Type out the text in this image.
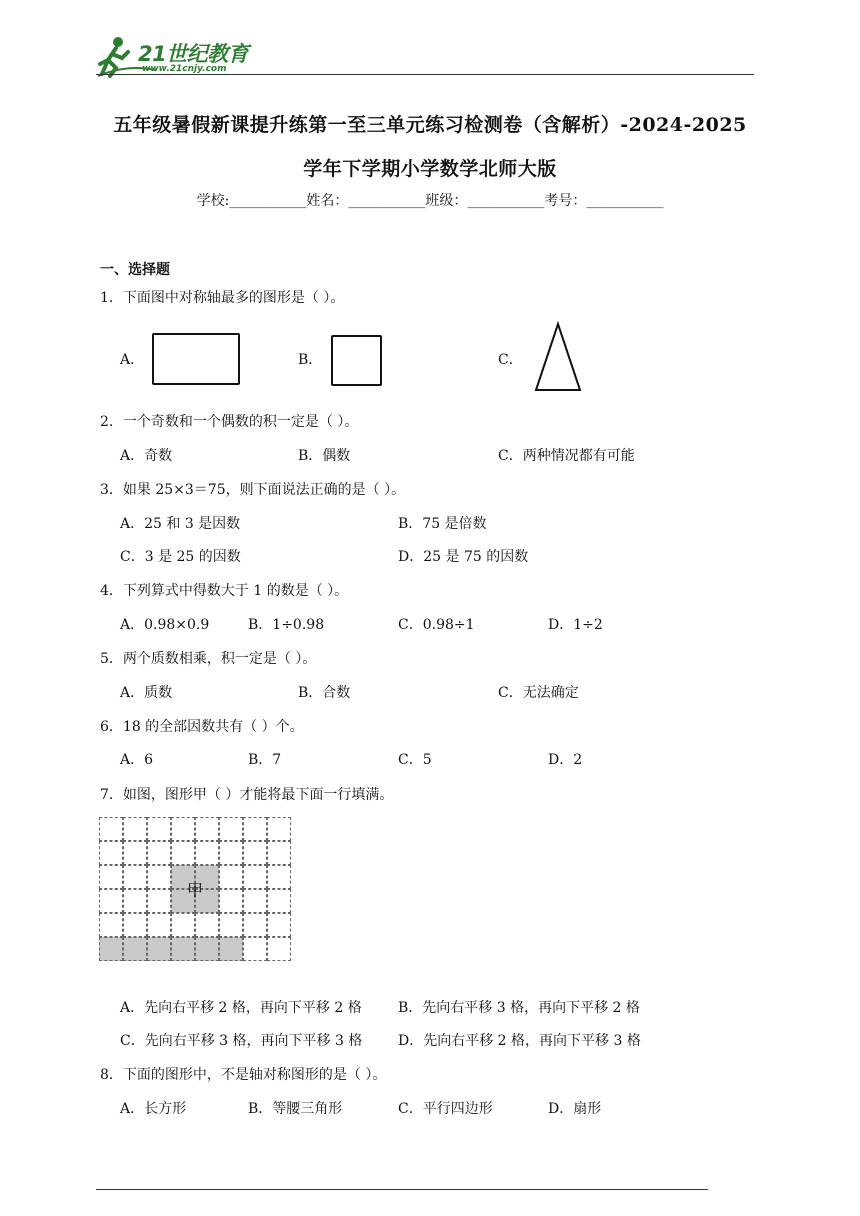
21世纪教育
www.21cnjy.com
五年级暑假新课提升练第一至三单元练习检测卷（含解析）-2024-2025
学年下学期小学数学北师大版
学校:___________姓名：___________班级：___________考号：___________
一、选择题
1．下面图中对称轴最多的图形是（ ）。
A．	B．	C．
2．一个奇数和一个偶数的积一定是（ ）。
A．奇数	B．偶数	C．两种情况都有可能
3．如果 25×3＝75，则下面说法正确的是（ ）。
A．25 和 3 是因数	B．75 是倍数
C．3 是 25 的因数	D．25 是 75 的因数
4．下列算式中得数大于 1 的数是（ ）。
A．0.98×0.9	B．1÷0.98	C．0.98÷1	D．1÷2
5．两个质数相乘，积一定是（ ）。
A．质数	B．合数	C．无法确定
6．18 的全部因数共有（ ）个。
A．6	B．7	C．5	D．2
7．如图，图形甲（ ）才能将最下面一行填满。
甲
A．先向右平移 2 格，再向下平移 2 格	B．先向右平移 3 格，再向下平移 2 格
C．先向右平移 3 格，再向下平移 3 格	D．先向右平移 2 格，再向下平移 3 格
8．下面的图形中，不是轴对称图形的是（ ）。
A．长方形	B．等腰三角形	C．平行四边形	D．扇形
